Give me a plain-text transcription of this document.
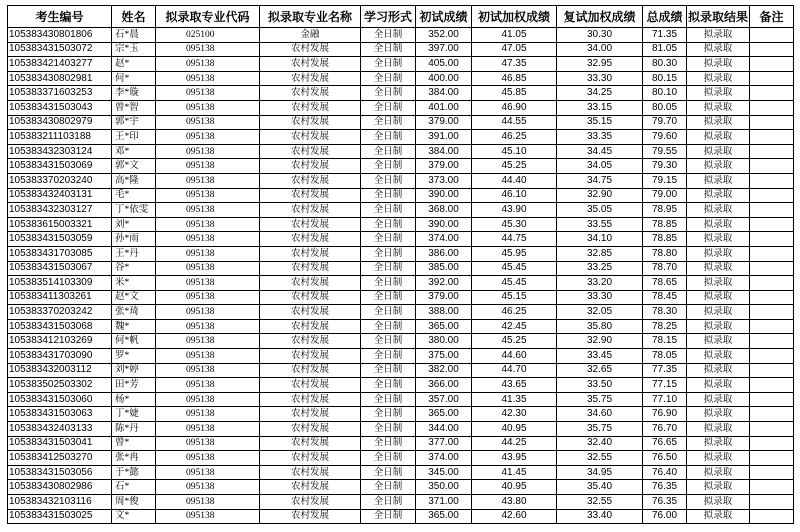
考生编号	姓名	拟录取专业代码	拟录取专业名称	学习形式	初试成绩	初试加权成绩	复试加权成绩	总成绩	拟录取结果	备注
105383430801806	石*晨	025100	金融	全日制	352.00	41.05	30.30	71.35	拟录取	
105383431503072	宗*玉	095138	农村发展	全日制	397.00	47.05	34.00	81.05	拟录取	
105383421403277	赵*	095138	农村发展	全日制	405.00	47.35	32.95	80.30	拟录取	
105383430802981	何*	095138	农村发展	全日制	400.00	46.85	33.30	80.15	拟录取	
105383371603253	李*璇	095138	农村发展	全日制	384.00	45.85	34.25	80.10	拟录取	
105383431503043	曾*智	095138	农村发展	全日制	401.00	46.90	33.15	80.05	拟录取	
105383430802979	郭*宇	095138	农村发展	全日制	379.00	44.55	35.15	79.70	拟录取	
105383211103188	王*印	095138	农村发展	全日制	391.00	46.25	33.35	79.60	拟录取	
105383432303124	邓*	095138	农村发展	全日制	384.00	45.10	34.45	79.55	拟录取	
105383431503069	郭*文	095138	农村发展	全日制	379.00	45.25	34.05	79.30	拟录取	
105383370203240	高*隆	095138	农村发展	全日制	373.00	44.40	34.75	79.15	拟录取	
105383432403131	毛*	095138	农村发展	全日制	390.00	46.10	32.90	79.00	拟录取	
105383432303127	丁*依雯	095138	农村发展	全日制	368.00	43.90	35.05	78.95	拟录取	
105383615003321	刘*	095138	农村发展	全日制	390.00	45.30	33.55	78.85	拟录取	
105383431503059	孙*雨	095138	农村发展	全日制	374.00	44.75	34.10	78.85	拟录取	
105383431703085	王*丹	095138	农村发展	全日制	386.00	45.95	32.85	78.80	拟录取	
105383431503067	谷*	095138	农村发展	全日制	385.00	45.45	33.25	78.70	拟录取	
105383514103309	米*	095138	农村发展	全日制	392.00	45.45	33.20	78.65	拟录取	
105383411303261	赵*文	095138	农村发展	全日制	379.00	45.15	33.30	78.45	拟录取	
105383370203242	张*琦	095138	农村发展	全日制	388.00	46.25	32.05	78.30	拟录取	
105383431503068	魏*	095138	农村发展	全日制	365.00	42.45	35.80	78.25	拟录取	
105383412103269	何*帆	095138	农村发展	全日制	380.00	45.25	32.90	78.15	拟录取	
105383431703090	罗*	095138	农村发展	全日制	375.00	44.60	33.45	78.05	拟录取	
105383432003112	刘*婷	095138	农村发展	全日制	382.00	44.70	32.65	77.35	拟录取	
105383502503302	田*芳	095138	农村发展	全日制	366.00	43.65	33.50	77.15	拟录取	
105383431503060	杨*	095138	农村发展	全日制	357.00	41.35	35.75	77.10	拟录取	
105383431503063	丁*婕	095138	农村发展	全日制	365.00	42.30	34.60	76.90	拟录取	
105383432403133	陈*丹	095138	农村发展	全日制	344.00	40.95	35.75	76.70	拟录取	
105383431503041	曾*	095138	农村发展	全日制	377.00	44.25	32.40	76.65	拟录取	
105383412503270	张*冉	095138	农村发展	全日制	374.00	43.95	32.55	76.50	拟录取	
105383431503056	于*懿	095138	农村发展	全日制	345.00	41.45	34.95	76.40	拟录取	
105383430802986	石*	095138	农村发展	全日制	350.00	40.95	35.40	76.35	拟录取	
105383432103116	周*俊	095138	农村发展	全日制	371.00	43.80	32.55	76.35	拟录取	
105383431503025	文*	095138	农村发展	全日制	365.00	42.60	33.40	76.00	拟录取	
